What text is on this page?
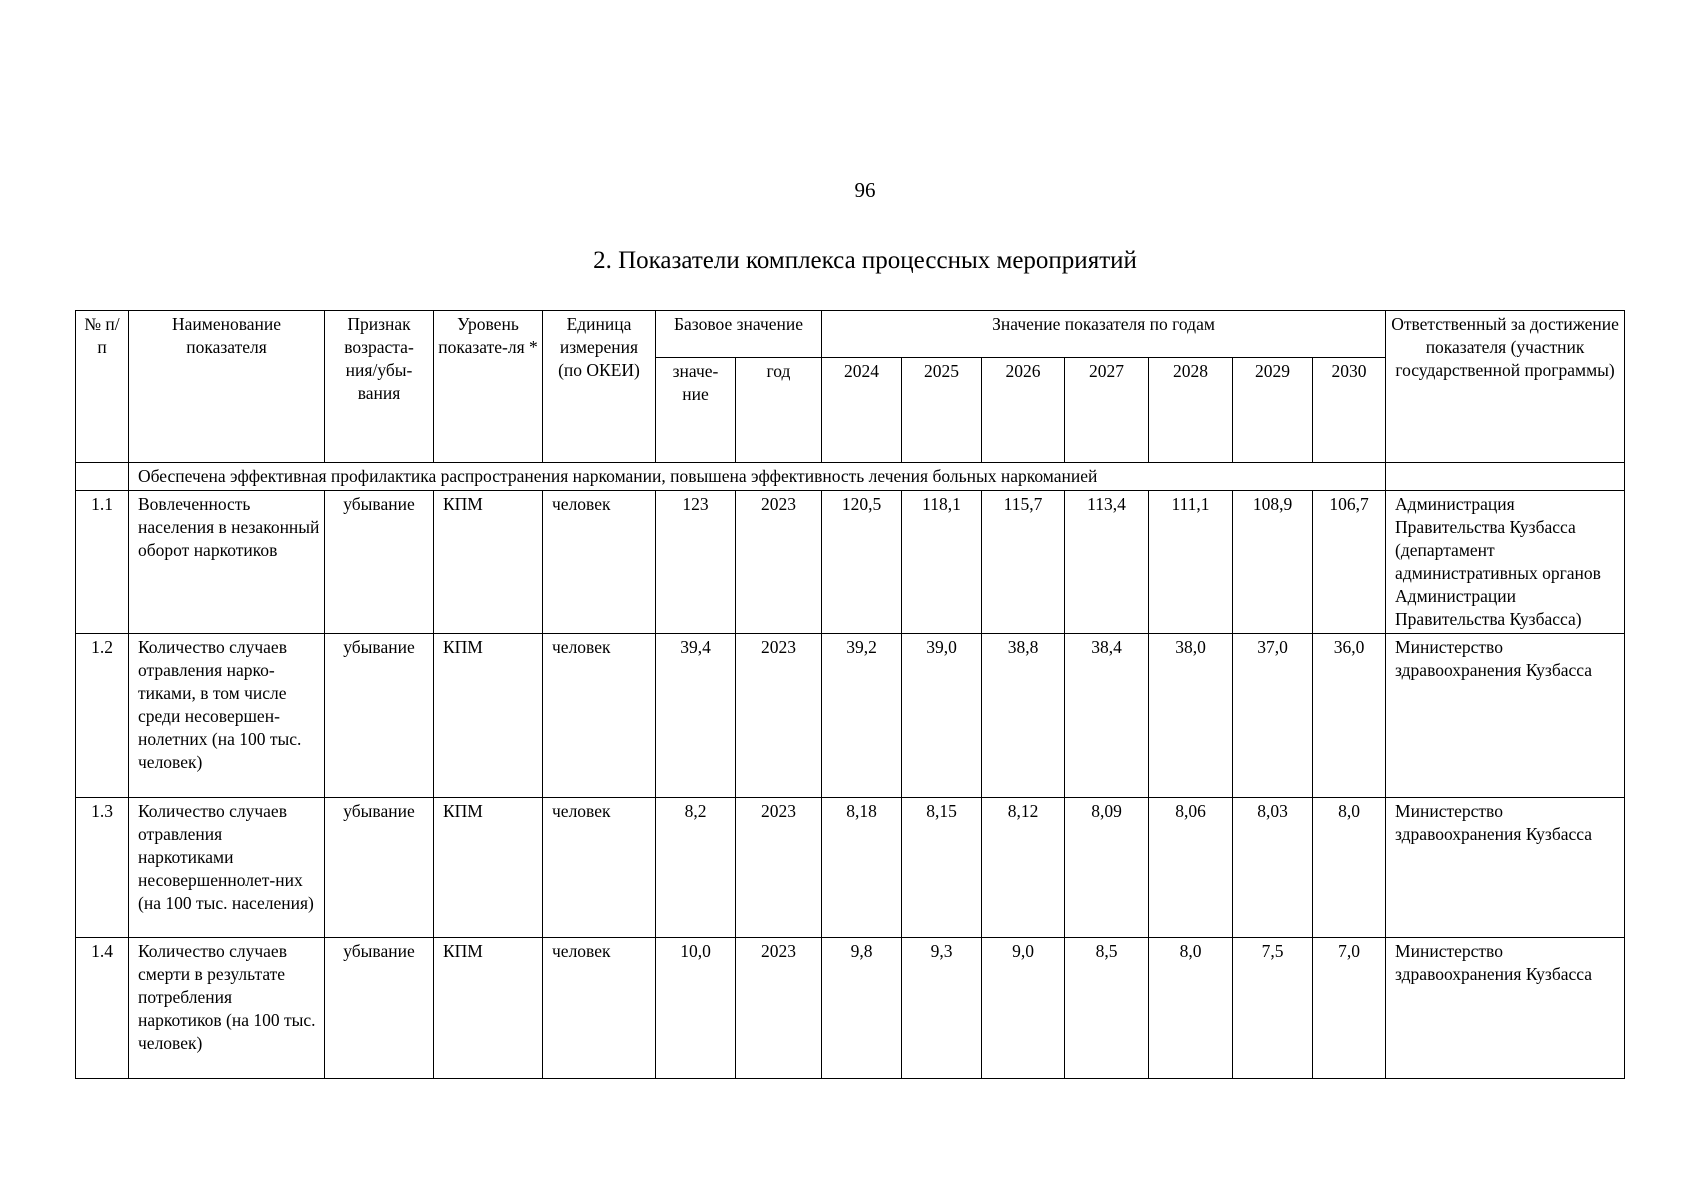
96
2. Показатели комплекса процессных мероприятий
№ п/п	Наименование показателя	Признак возраста-ния/убы-вания	Уровень показате-ля *	Единица измерения (по ОКЕИ)	Базовое значение		Значение показателя по годам							Ответственный за достижение показателя (участник государственной программы)
					значе-ние	год	2024	2025	2026	2027	2028	2029	2030	
	Обеспечена эффективная профилактика распространения наркомании, повышена эффективность лечения больных наркоманией													
1.1	Вовлеченность населения в незаконный оборот наркотиков	убывание	КПМ	человек	123	2023	120,5	118,1	115,7	113,4	111,1	108,9	106,7	Администрация Правительства Кузбасса (департамент административных органов Администрации Правительства Кузбасса)
1.2	Количество случаев отравления нарко-тиками, в том числе среди несовершен-нолетних (на 100 тыс. человек)	убывание	КПМ	человек	39,4	2023	39,2	39,0	38,8	38,4	38,0	37,0	36,0	Министерство здравоохранения Кузбасса
1.3	Количество случаев отравления наркотиками несовершеннолет-них (на 100 тыс. населения)	убывание	КПМ	человек	8,2	2023	8,18	8,15	8,12	8,09	8,06	8,03	8,0	Министерство здравоохранения Кузбасса
1.4	Количество случаев смерти в результате потребления наркотиков (на 100 тыс. человек)	убывание	КПМ	человек	10,0	2023	9,8	9,3	9,0	8,5	8,0	7,5	7,0	Министерство здравоохранения Кузбасса
